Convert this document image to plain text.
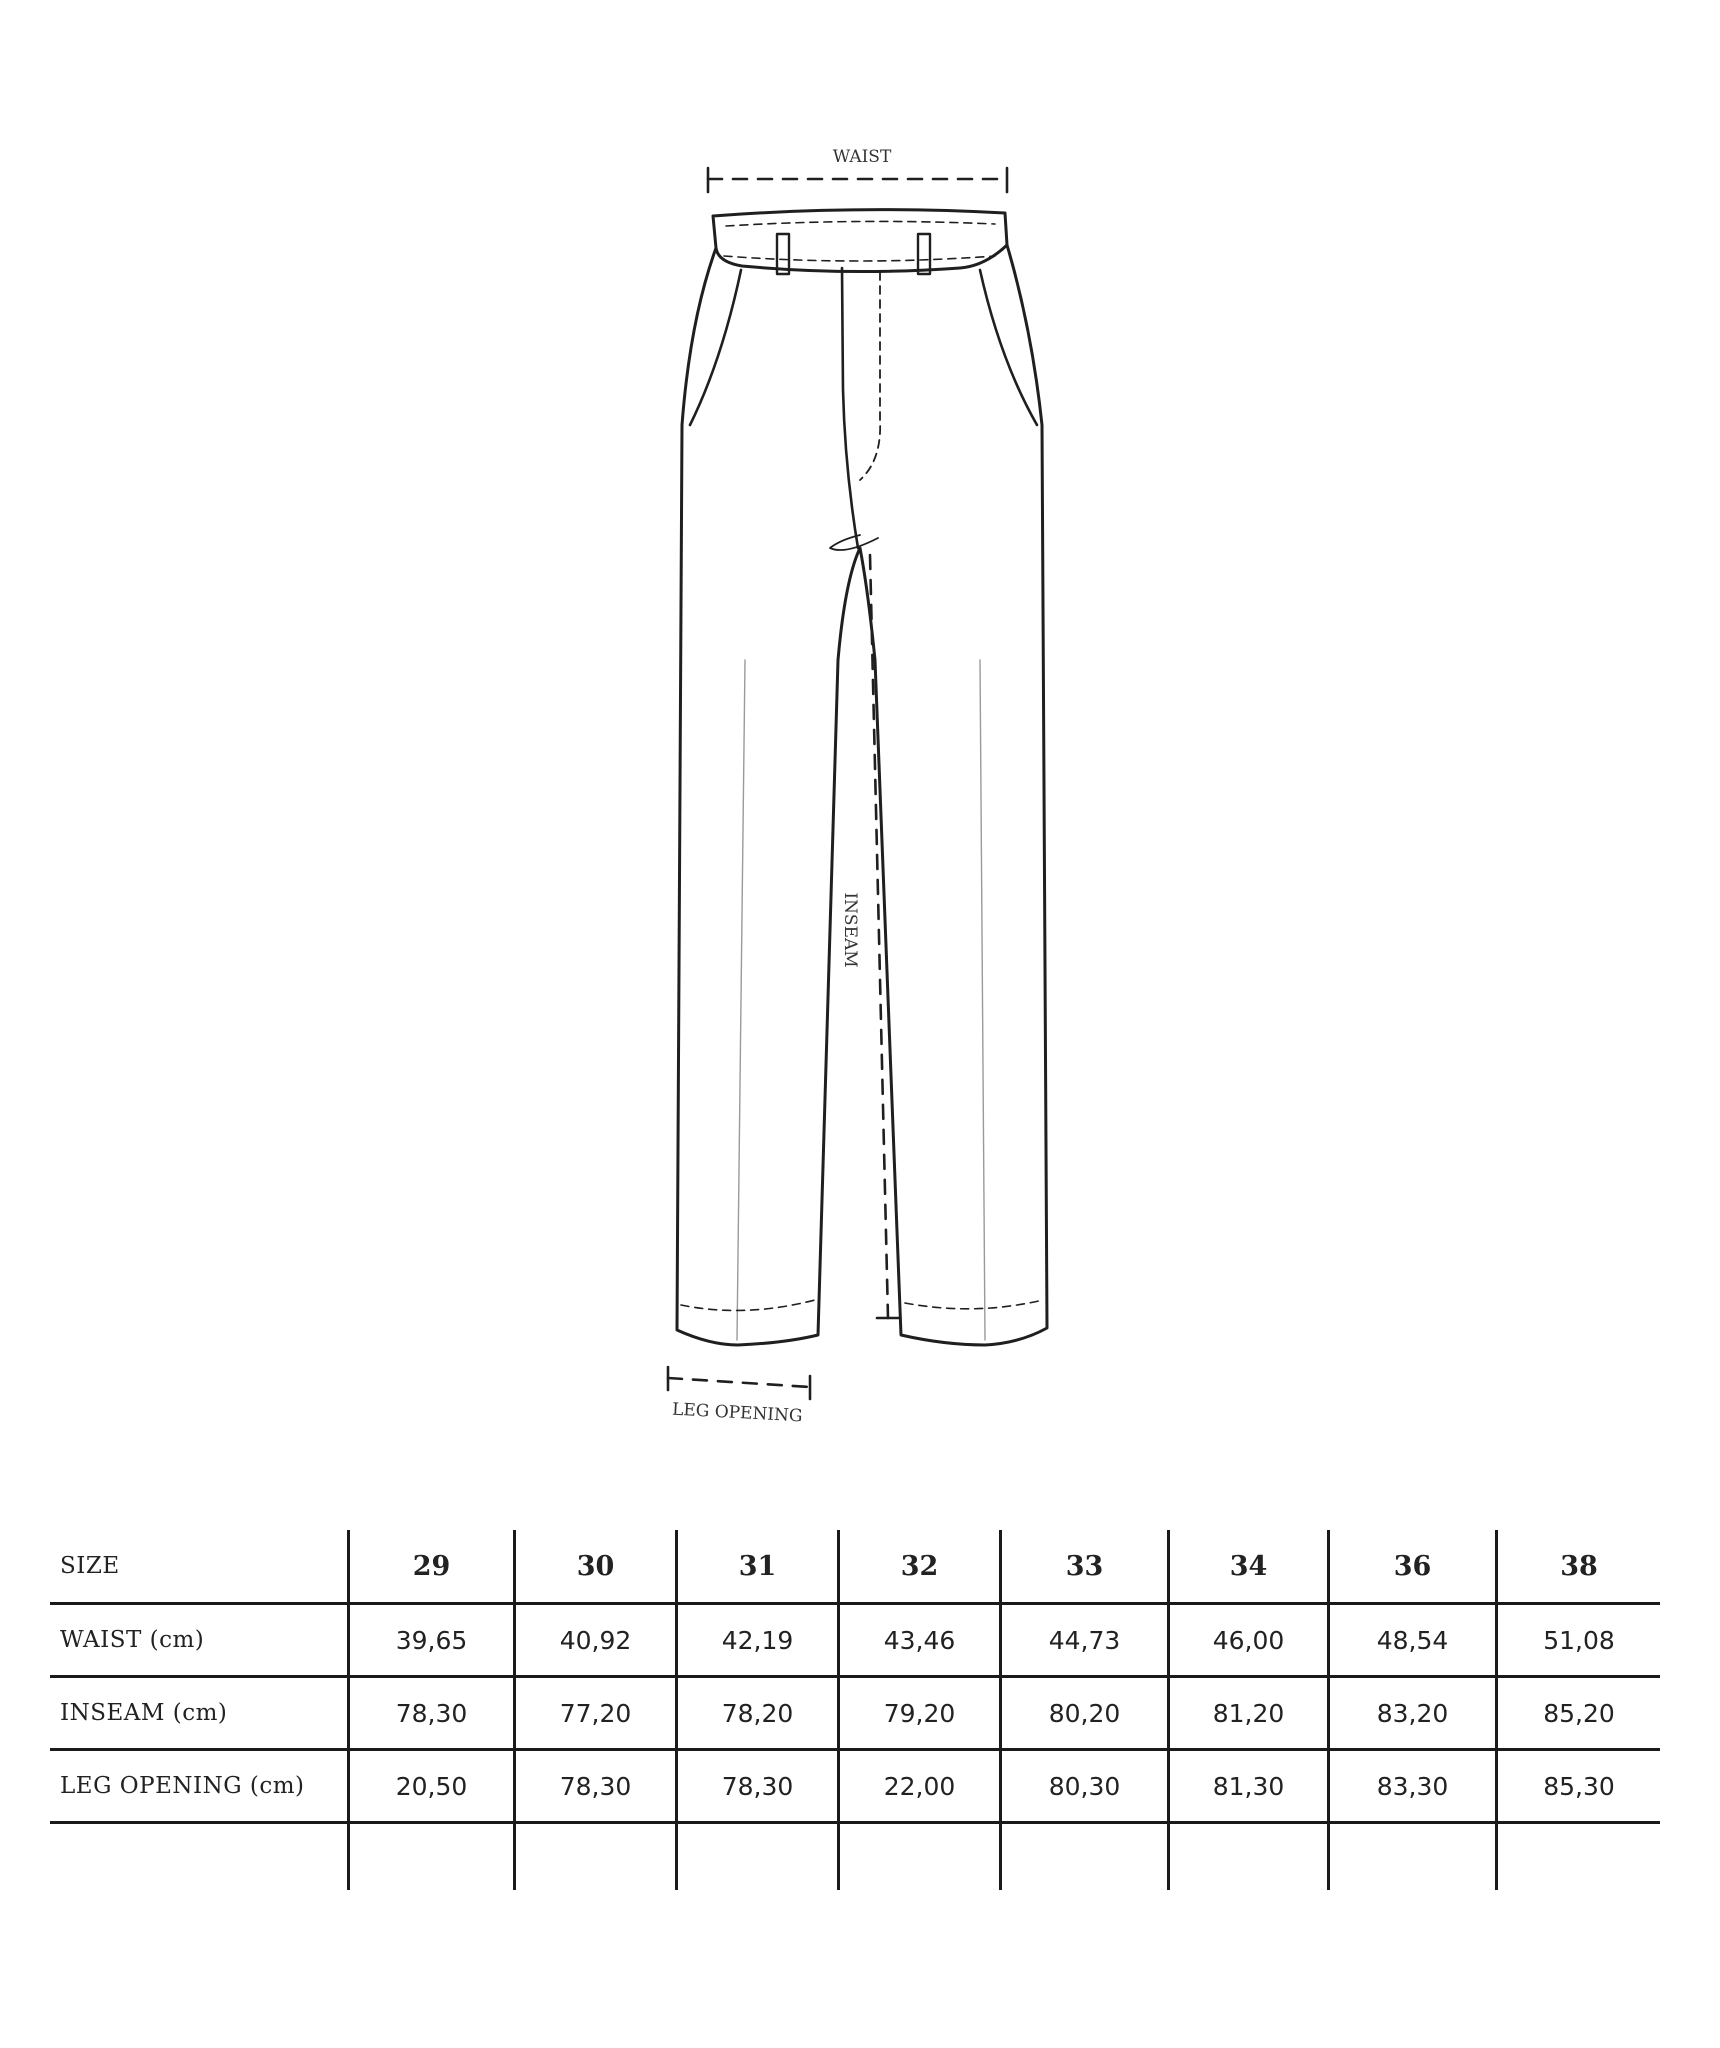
WAIST
INSEAM
LEG OPENING
SIZE	29	30	31	32	33	34	36	38
WAIST (cm)	39,65	40,92	42,19	43,46	44,73	46,00	48,54	51,08
INSEAM (cm)	78,30	77,20	78,20	79,20	80,20	81,20	83,20	85,20
LEG OPENING (cm)	20,50	78,30	78,30	22,00	80,30	81,30	83,30	85,30
